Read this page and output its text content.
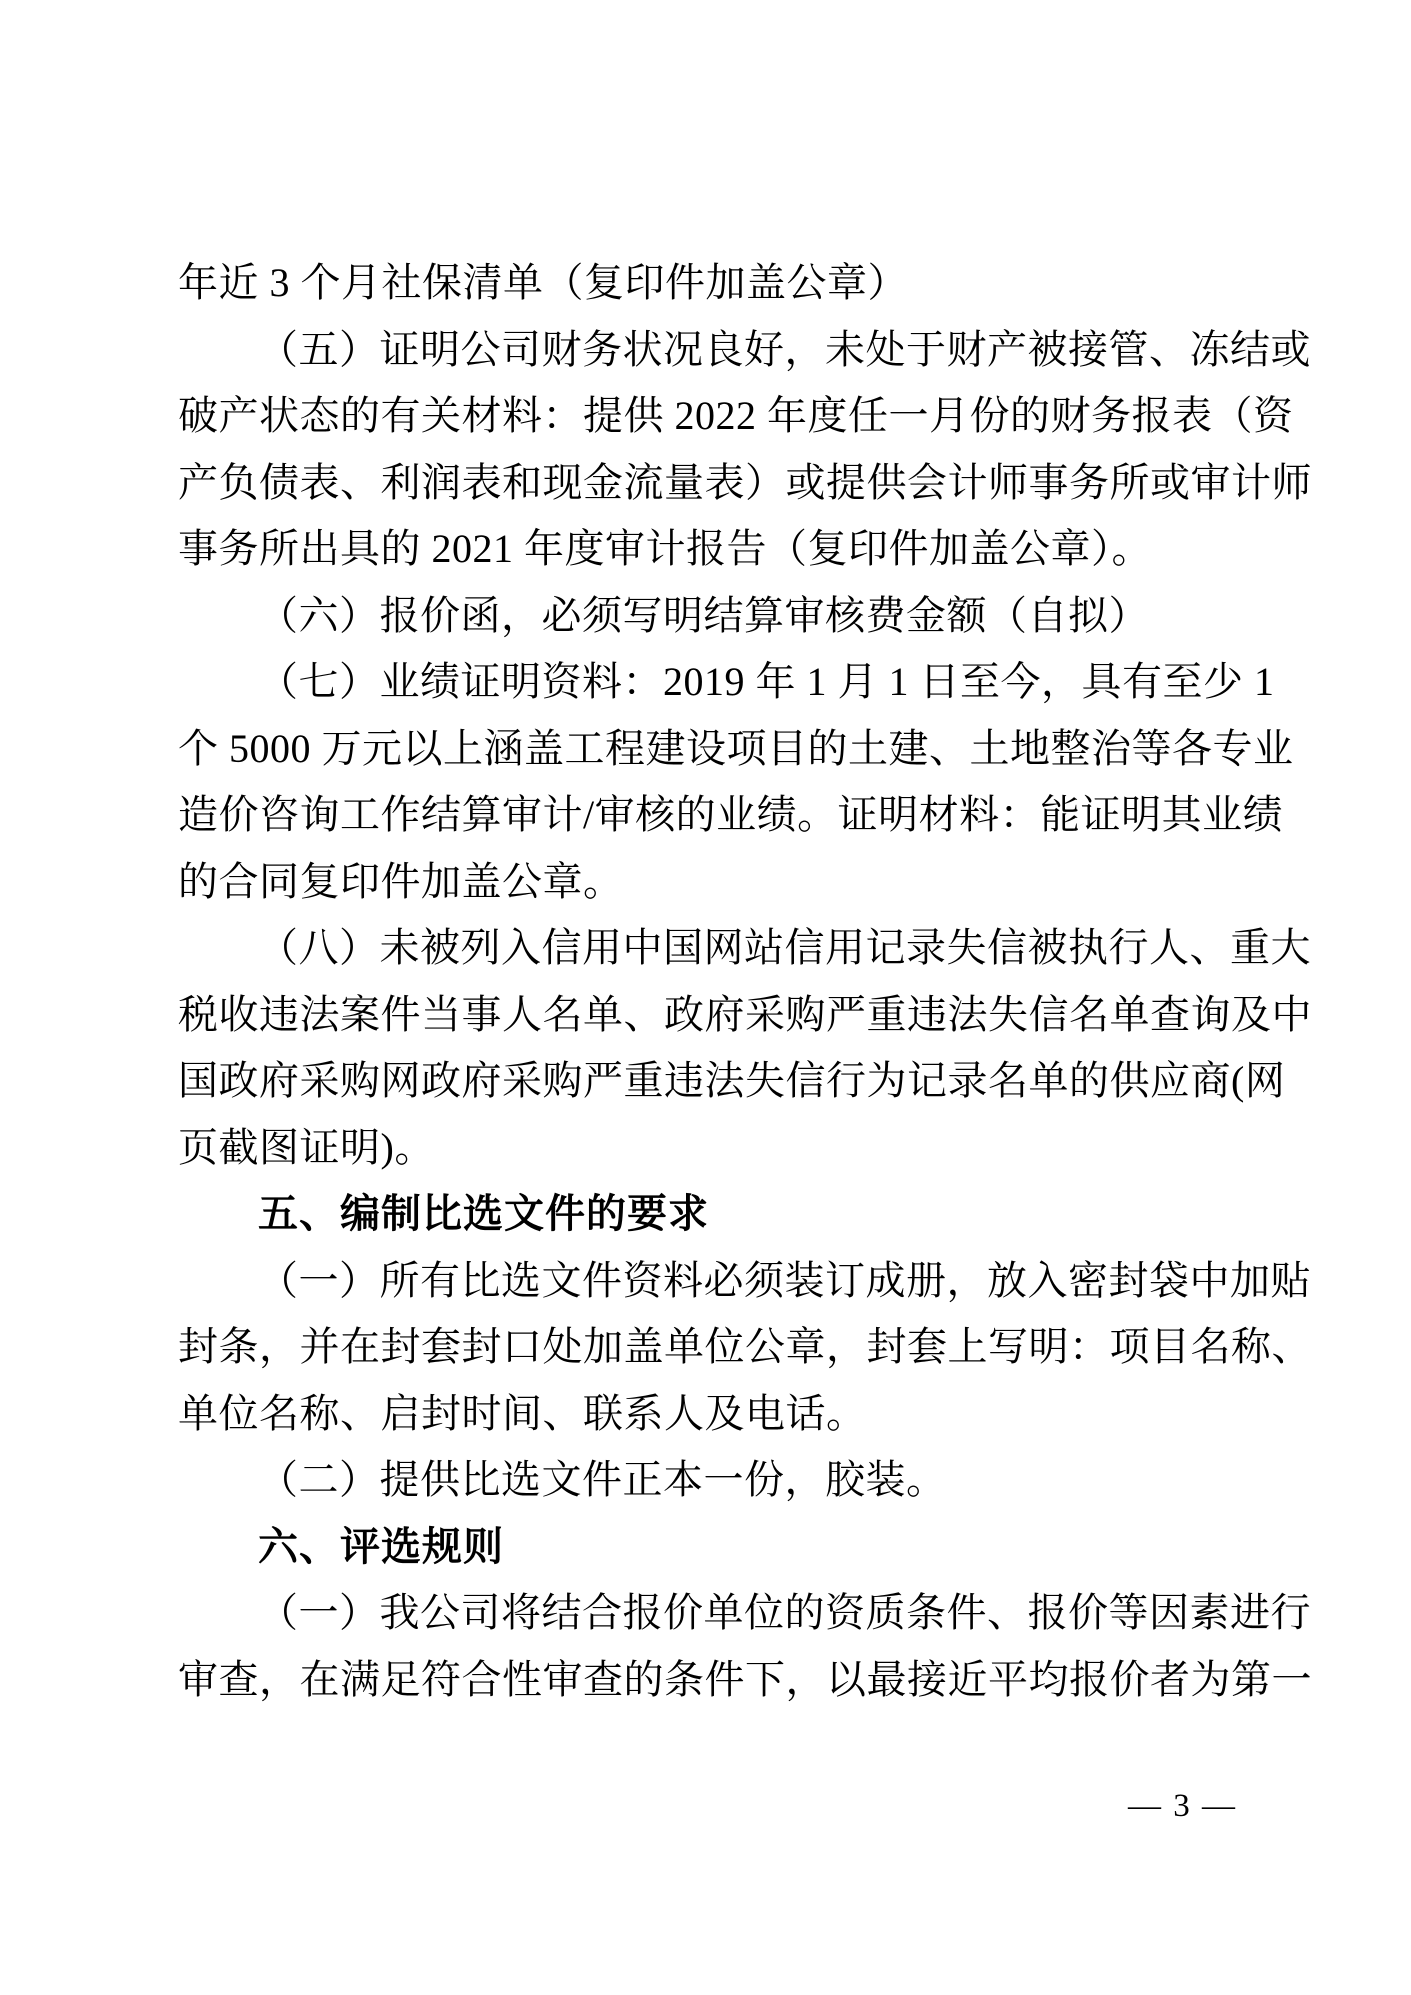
年近 3 个月社保清单（复印件加盖公章）
（五）证明公司财务状况良好，未处于财产被接管、冻结或
破产状态的有关材料：提供 2022 年度任一月份的财务报表（资
产负债表、利润表和现金流量表）或提供会计师事务所或审计师
事务所出具的 2021 年度审计报告（复印件加盖公章）。
（六）报价函，必须写明结算审核费金额（自拟）
（七）业绩证明资料：2019 年 1 月 1 日至今，具有至少 1
个 5000 万元以上涵盖工程建设项目的土建、土地整治等各专业
造价咨询工作结算审计/审核的业绩。证明材料：能证明其业绩
的合同复印件加盖公章。
（八）未被列入信用中国网站信用记录失信被执行人、重大
税收违法案件当事人名单、政府采购严重违法失信名单查询及中
国政府采购网政府采购严重违法失信行为记录名单的供应商(网
页截图证明)。
五、编制比选文件的要求
（一）所有比选文件资料必须装订成册，放入密封袋中加贴
封条，并在封套封口处加盖单位公章，封套上写明：项目名称、
单位名称、启封时间、联系人及电话。
（二）提供比选文件正本一份，胶装。
六、评选规则
（一）我公司将结合报价单位的资质条件、报价等因素进行
审查，在满足符合性审查的条件下，以最接近平均报价者为第一
— 3 —
